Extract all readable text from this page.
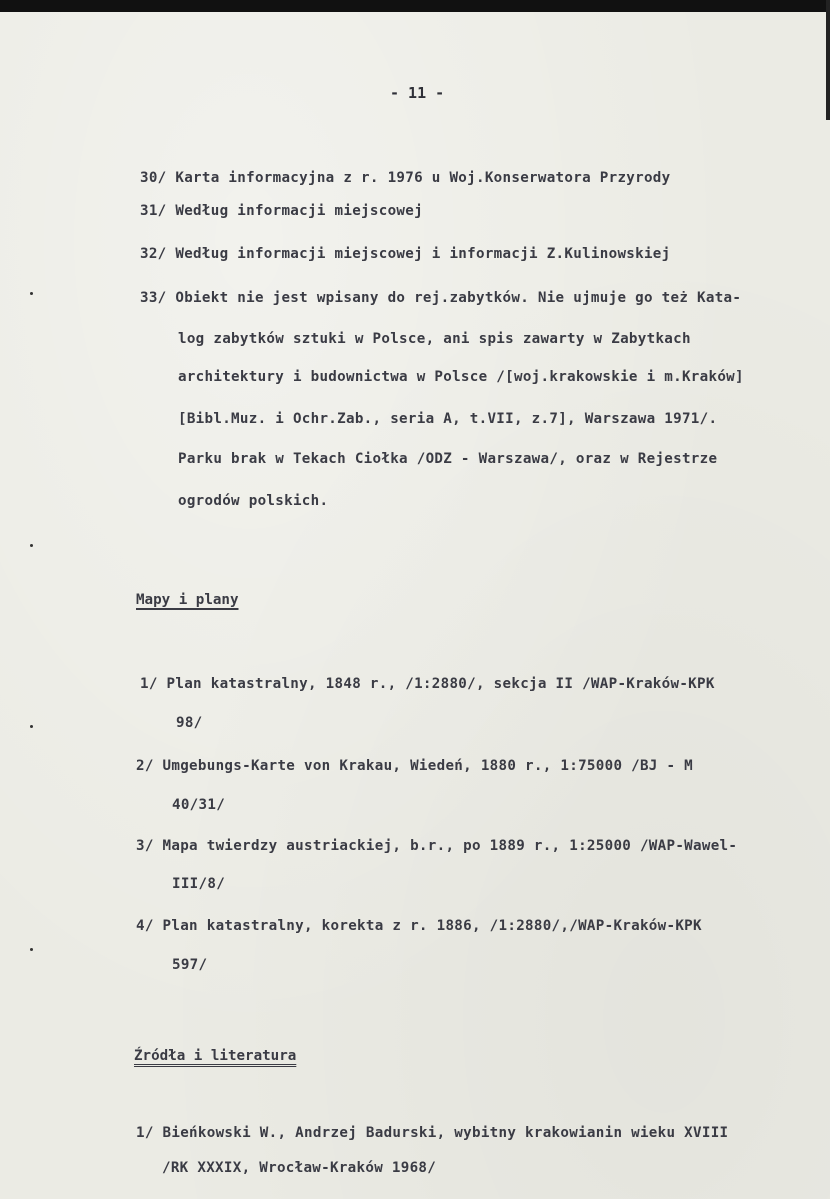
- 11 -
30/ Karta informacyjna z r. 1976 u Woj.Konserwatora Przyrody
31/ Według informacji miejscowej
32/ Według informacji miejscowej i informacji Z.Kulinowskiej
33/ Obiekt nie jest wpisany do rej.zabytków. Nie ujmuje go też Kata-
log zabytków sztuki w Polsce, ani spis zawarty w Zabytkach
architektury i budownictwa w Polsce /[woj.krakowskie i m.Kraków]
[Bibl.Muz. i Ochr.Zab., seria A, t.VII, z.7], Warszawa 1971/.
Parku brak w Tekach Ciołka /ODZ - Warszawa/, oraz w Rejestrze
ogrodów polskich.
Mapy i plany
1/ Plan katastralny, 1848 r., /1:2880/, sekcja II /WAP-Kraków-KPK
98/
2/ Umgebungs-Karte von Krakau, Wiedeń, 1880 r., 1:75000 /BJ - M
40/31/
3/ Mapa twierdzy austriackiej, b.r., po 1889 r., 1:25000 /WAP-Wawel-
III/8/
4/ Plan katastralny, korekta z r. 1886, /1:2880/,/WAP-Kraków-KPK
597/
Źródła i literatura
1/ Bieńkowski W., Andrzej Badurski, wybitny krakowianin wieku XVIII
/RK XXXIX, Wrocław-Kraków 1968/
